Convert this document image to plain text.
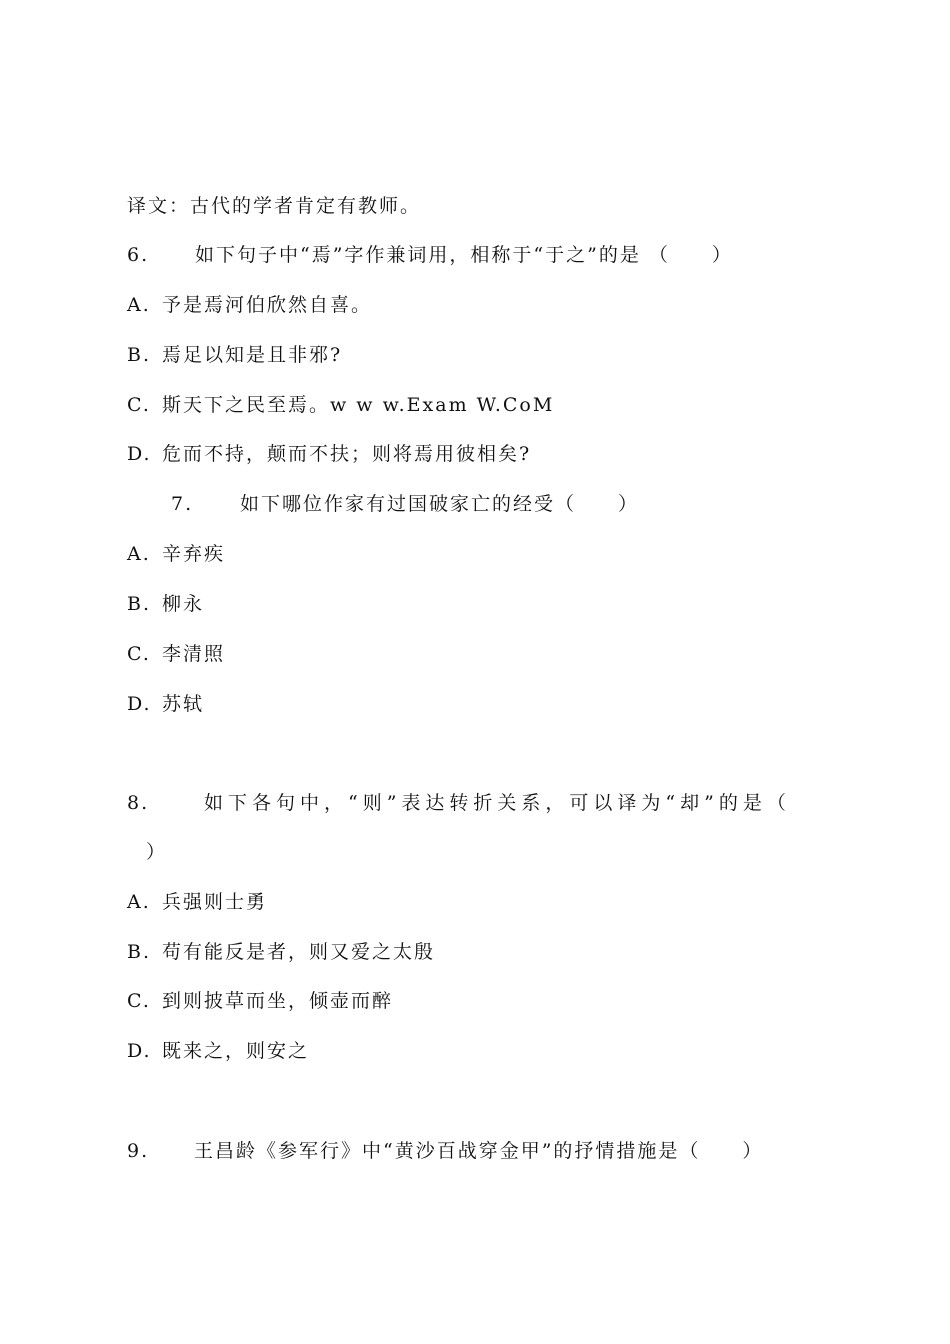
译文：古代的学者肯定有教师。
6. 如下句子中“焉”字作兼词用，相称于“于之”的是 （　　）
A. 予是焉河伯欣然自喜。
B. 焉足以知是且非邪?
C. 斯天下之民至焉。w w w.Exam W.CoM
D. 危而不持，颠而不扶；则将焉用彼相矣?
7. 如下哪位作家有过国破家亡的经受（　　）
A. 辛弃疾
B. 柳永
C. 李清照
D. 苏轼
8.	如下各句中，“则”表达转折关系，可以译为“却”的是（
）
A. 兵强则士勇
B. 苟有能反是者，则又爱之太殷
C. 到则披草而坐，倾壶而醉
D. 既来之，则安之
9. 王昌龄《参军行》中“黄沙百战穿金甲”的抒情措施是（　　）
